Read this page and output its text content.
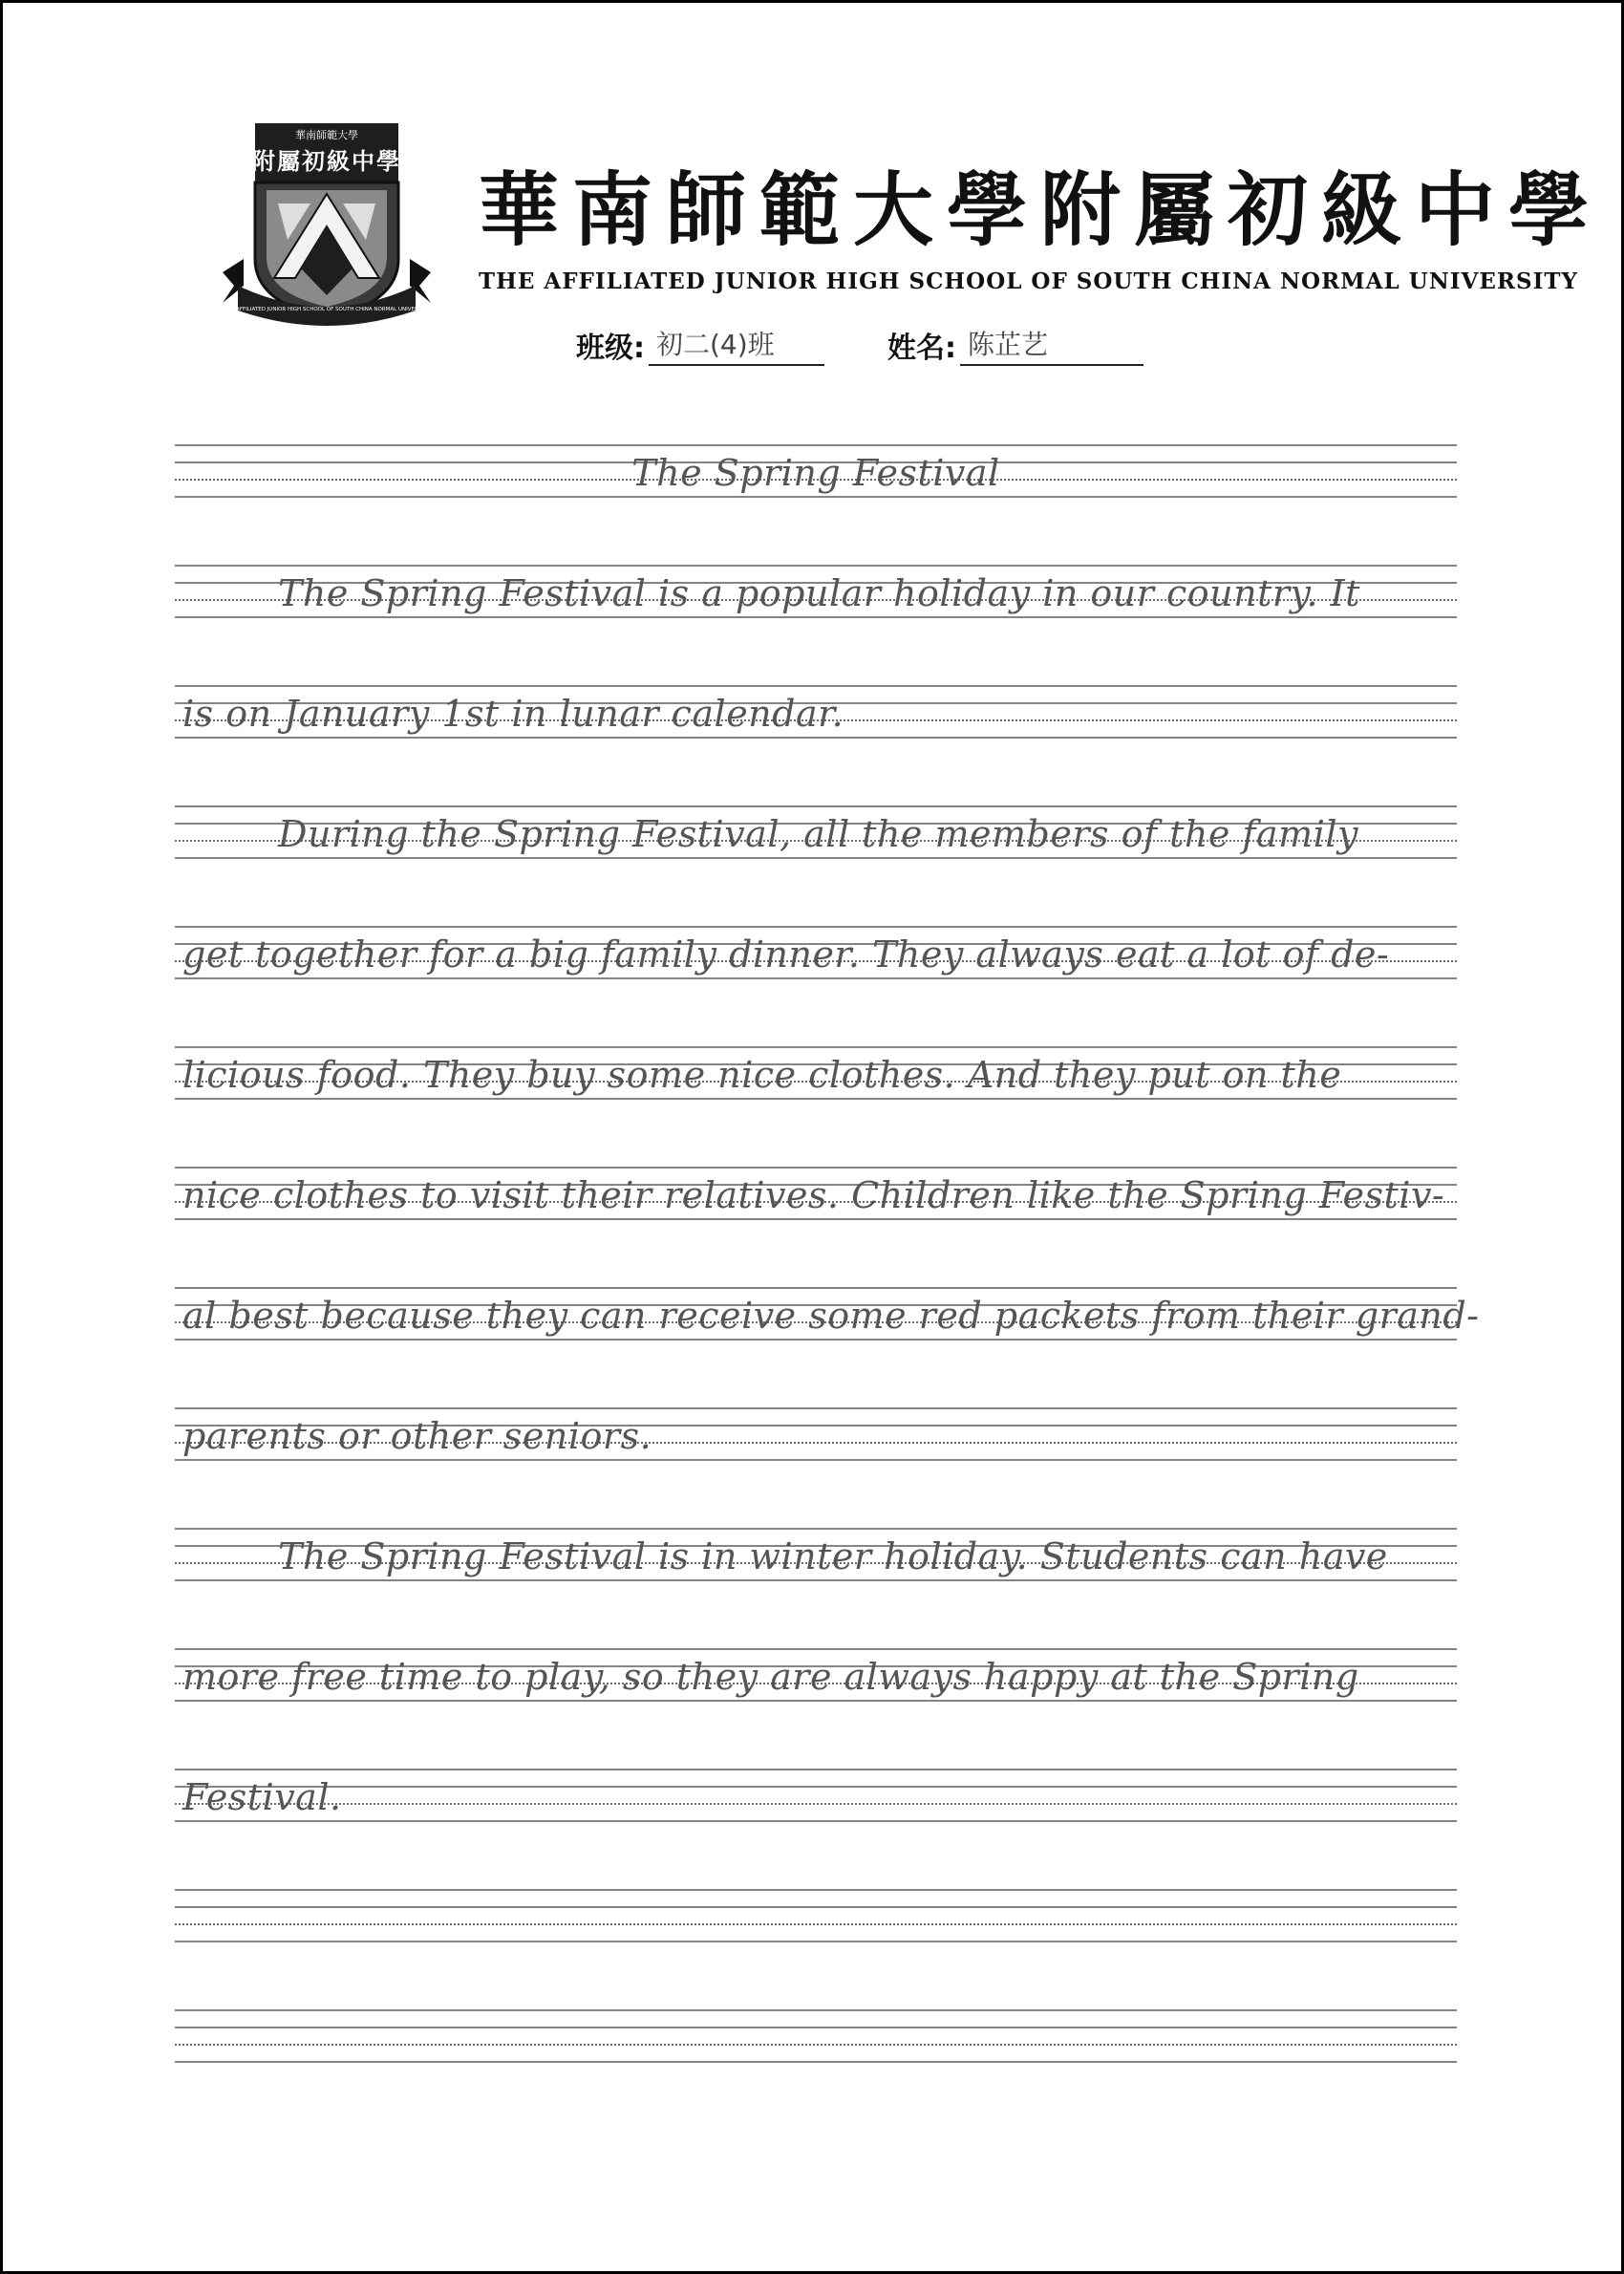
華南師範大學
附屬初級中學
THE AFFILIATED JUNIOR HIGH SCHOOL OF SOUTH CHINA NORMAL UNIVERSITY
華南師範大學附屬初級中學
THE AFFILIATED JUNIOR HIGH SCHOOL OF SOUTH CHINA NORMAL UNIVERSITY
班级: 初二(4)班	姓名: 陈芷艺
The Spring Festival
The Spring Festival is a popular holiday in our country. It
is on January 1st in lunar calendar.
During the Spring Festival, all the members of the family
get together for a big family dinner. They always eat a lot of de-
licious food. They buy some nice clothes. And they put on the
nice clothes to visit their relatives. Children like the Spring Festiv-
al best because they can receive some red packets from their grand-
parents or other seniors.
The Spring Festival is in winter holiday. Students can have
more free time to play, so they are always happy at the Spring
Festival.
